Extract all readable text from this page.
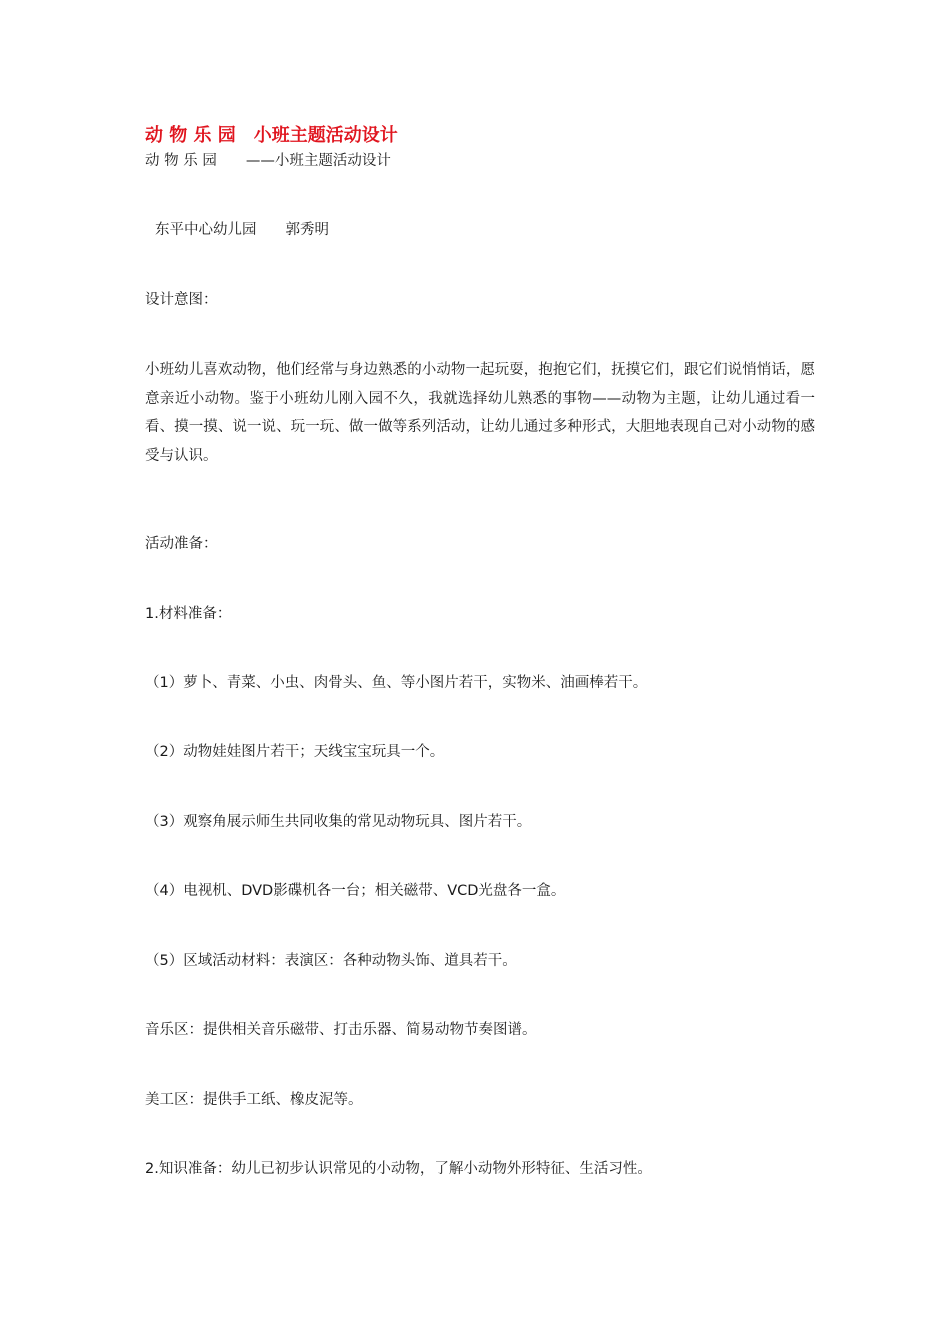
动 物 乐 园　小班主题活动设计
动 物 乐 园　　——小班主题活动设计
东平中心幼儿园　　郭秀明
设计意图：
小班幼儿喜欢动物，他们经常与身边熟悉的小动物一起玩耍，抱抱它们，抚摸它们，跟它们说悄悄话，愿意亲近小动物。鉴于小班幼儿刚入园不久，我就选择幼儿熟悉的事物——动物为主题，让幼儿通过看一看、摸一摸、说一说、玩一玩、做一做等系列活动，让幼儿通过多种形式，大胆地表现自己对小动物的感受与认识。
活动准备：
1.材料准备：
（1）萝卜、青菜、小虫、肉骨头、鱼、等小图片若干，实物米、油画棒若干。
（2）动物娃娃图片若干；天线宝宝玩具一个。
（3）观察角展示师生共同收集的常见动物玩具、图片若干。
（4）电视机、DVD影碟机各一台；相关磁带、VCD光盘各一盒。
（5）区域活动材料：表演区：各种动物头饰、道具若干。
音乐区：提供相关音乐磁带、打击乐器、简易动物节奏图谱。
美工区：提供手工纸、橡皮泥等。
2.知识准备：幼儿已初步认识常见的小动物，了解小动物外形特征、生活习性。
